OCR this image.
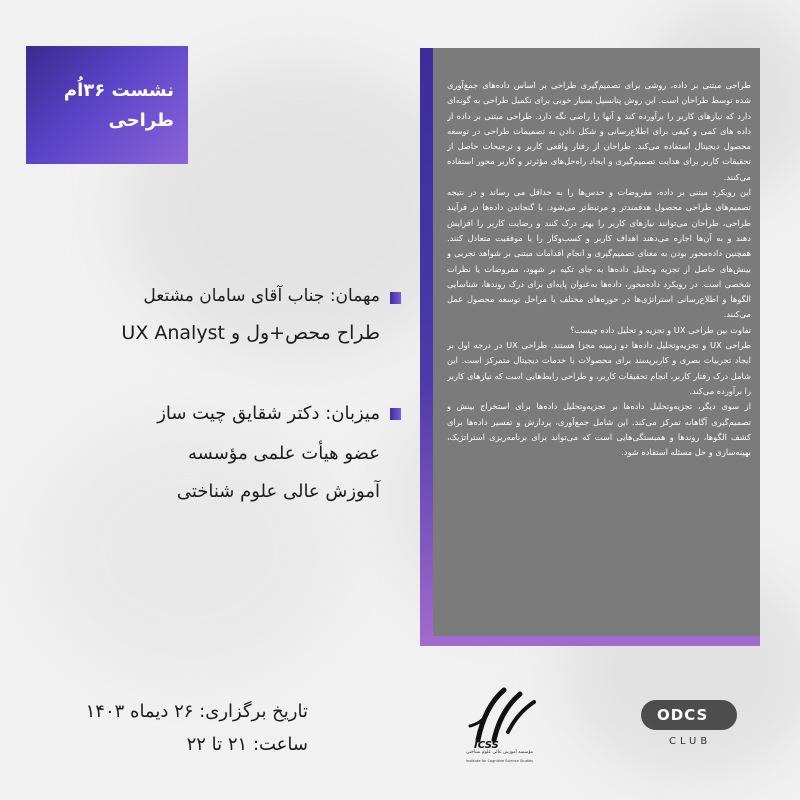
نشست ۳۶اُم
طراحی
مهمان: جناب آقای سامان مشتعل
طراح محص+ول و UX Analyst
میزبان: دکتر شقایق چیت ساز
عضو هیأت علمی مؤسسه
آموزش عالی علوم شناختی
تاریخ برگزاری: ۲۶ دیماه ۱۴۰۳
ساعت: ۲۱ تا ۲۲

طراحی مبتنی بر داده، روشی برای تصمیم‌گیری طراحی بر اساس داده‌های جمع‌آوری شده توسط طراحان است. این روش پتانسیل بسیار خوبی برای تکمیل طراحی به گونه‌ای دارد که نیازهای کاربر را برآورده کند و آنها را راضی نگه دارد. طراحی مبتنی بر داده از داده های کمی و کیفی برای اطلاع‌رسانی و شکل دادن به تصمیمات طراحی در توسعه محصول دیجیتال استفاده می‌کند. طراحان از رفتار واقعی کاربر و ترجیحات حاصل از تحقیقات کاربر برای هدایت تصمیم‌گیری و ایجاد راه‌حل‌های مؤثرتر و کاربر محور استفاده می‌کنند.

این رویکرد مبتنی بر داده، مفروضات و حدس‌ها را به حداقل می رساند و در نتیجه تصمیم‌های طراحی محصول هدفمندتر و مرتبط‌تر می‌شود. با گنجاندن داده‌ها در فرآیند طراحی، طراحان می‌توانند نیازهای کاربر را بهتر درک کنند و رضایت کاربر را افزایش دهند و به آن‌ها اجازه می‌دهند اهداف کاربر و کسب‌وکار را با موفقیت متعادل کنند. همچنین داده‌محور بودن به معنای تصمیم‌گیری و انجام اقدامات مبتنی بر شواهد تجربی و بینش‌های حاصل از تجزیه وتحلیل داده‌ها به جای تکیه بر شهود، مفروضات یا نظرات شخصی است. در رویکرد داده‌محور، داده‌ها به‌عنوان پایه‌ای برای درک روندها، شناسایی الگوها و اطلاع‌رسانی استراتژی‌ها در حوزه‌های مختلف یا مراحل توسعه محصول عمل می‌کنند.

تفاوت بین طراحی UX و تجزیه و تحلیل داده چیست؟

طراحی UX و تجزیه‌وتحلیل داده‌ها دو زمینه مجزا هستند. طراحی UX در درجه اول بر ایجاد تجربیات بصری و کاربرپسند برای محصولات یا خدمات دیجیتال متمرکز است. این شامل درک رفتار کاربر، انجام تحقیقات کاربر، و طراحی رابط‌هایی است که نیازهای کاربر را برآورده می‌کند.

از سوی دیگر، تجزیه‌وتحلیل داده‌ها بر تجزیه‌وتحلیل داده‌ها برای استخراج بینش و تصمیم‌گیری آگاهانه تمرکز می‌کند. این شامل جمع‌آوری، پردازش و تفسیر داده‌ها برای کشف الگوها، روندها و همبستگی‌هایی است که می‌تواند برای برنامه‌ریزی استراتژیک، بهینه‌سازی و حل مسئله استفاده شود.

ICSS
مؤسسه آموزش عالی علوم شناختی
Institute for Cognitive Science Studies
ODCS
CLUB
